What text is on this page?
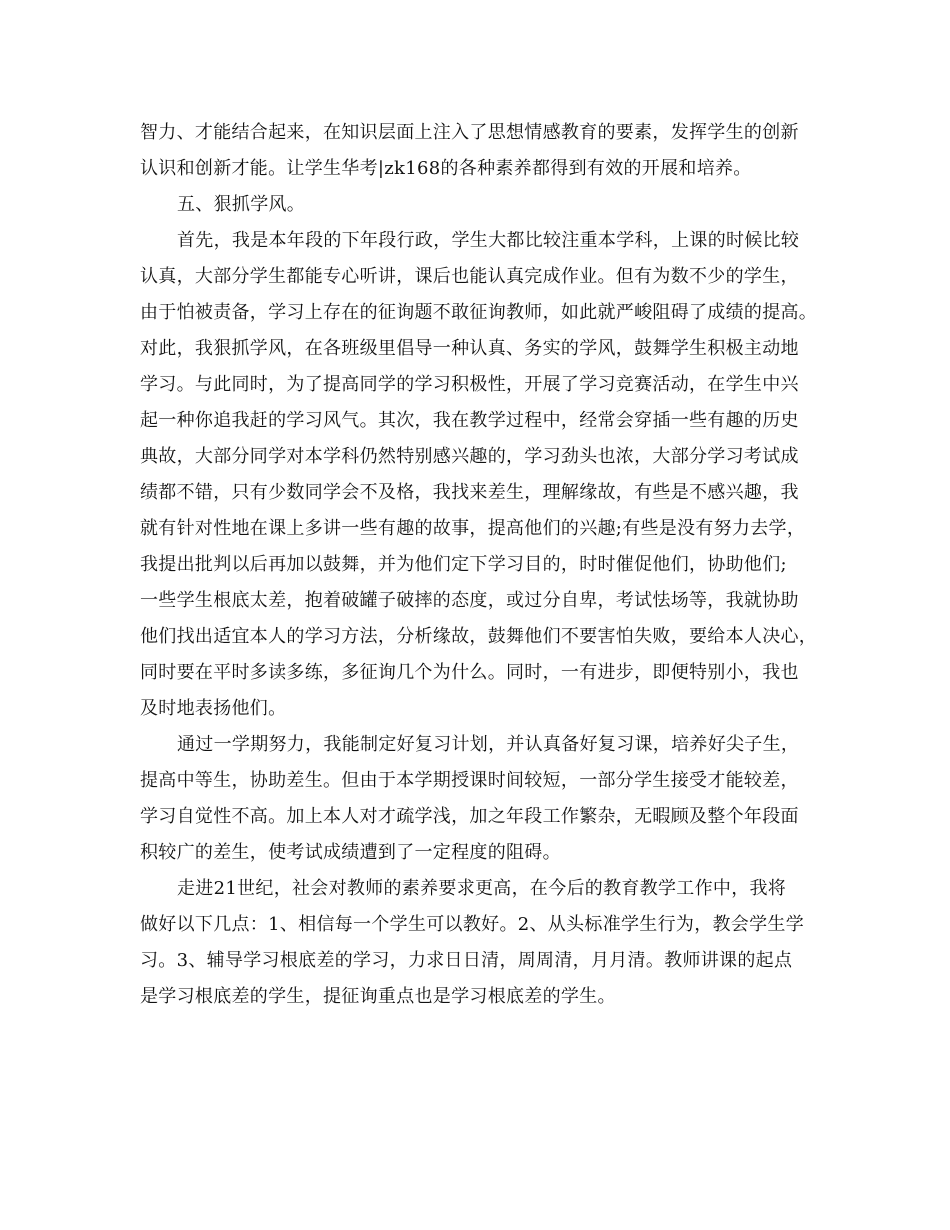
智力、才能结合起来，在知识层面上注入了思想情感教育的要素，发挥学生的创新
认识和创新才能。让学生华考|zk168的各种素养都得到有效的开展和培养。
五、狠抓学风。
首先，我是本年段的下年段行政，学生大都比较注重本学科，上课的时候比较
认真，大部分学生都能专心听讲，课后也能认真完成作业。但有为数不少的学生，
由于怕被责备，学习上存在的征询题不敢征询教师，如此就严峻阻碍了成绩的提高。
对此，我狠抓学风，在各班级里倡导一种认真、务实的学风，鼓舞学生积极主动地
学习。与此同时，为了提高同学的学习积极性，开展了学习竞赛活动，在学生中兴
起一种你追我赶的学习风气。其次，我在教学过程中，经常会穿插一些有趣的历史
典故，大部分同学对本学科仍然特别感兴趣的，学习劲头也浓，大部分学习考试成
绩都不错，只有少数同学会不及格，我找来差生，理解缘故，有些是不感兴趣，我
就有针对性地在课上多讲一些有趣的故事，提高他们的兴趣;有些是没有努力去学，
我提出批判以后再加以鼓舞，并为他们定下学习目的，时时催促他们，协助他们;
一些学生根底太差，抱着破罐子破摔的态度，或过分自卑，考试怯场等，我就协助
他们找出适宜本人的学习方法，分析缘故，鼓舞他们不要害怕失败，要给本人决心，
同时要在平时多读多练，多征询几个为什么。同时，一有进步，即便特别小，我也
及时地表扬他们。
通过一学期努力，我能制定好复习计划，并认真备好复习课，培养好尖子生，
提高中等生，协助差生。但由于本学期授课时间较短，一部分学生接受才能较差，
学习自觉性不高。加上本人对才疏学浅，加之年段工作繁杂，无暇顾及整个年段面
积较广的差生，使考试成绩遭到了一定程度的阻碍。
走进21世纪，社会对教师的素养要求更高，在今后的教育教学工作中，我将
做好以下几点：1、相信每一个学生可以教好。2、从头标准学生行为，教会学生学
习。3、辅导学习根底差的学习，力求日日清，周周清，月月清。教师讲课的起点
是学习根底差的学生，提征询重点也是学习根底差的学生。
